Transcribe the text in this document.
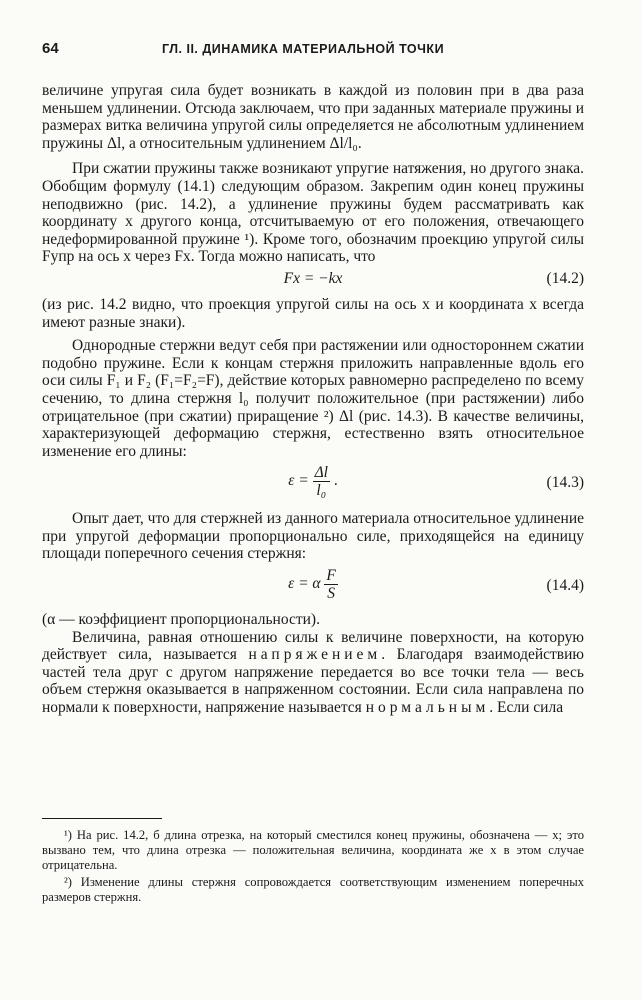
64	ГЛ. II. ДИНАМИКА МАТЕРИАЛЬНОЙ ТОЧКИ

величине упругая сила будет возникать в каждой из половин при в два раза меньшем удлинении. Отсюда заключаем, что при заданных материале пружины и размерах витка величина упругой силы определяется не абсолютным удлинением пружины Δl, а относительным удлинением Δl/l₀.

При сжатии пружины также возникают упругие натяжения, но другого знака. Обобщим формулу (14.1) следующим образом. Закрепим один конец пружины неподвижно (рис. 14.2), а удлинение пружины будем рассматривать как координату x другого конца, отсчитываемую от его положения, отвечающего недеформированной пружине ¹). Кроме того, обозначим проекцию упругой силы Fупр на ось x через Fx. Тогда можно написать, что

Fx = −kx	(14.2)

(из рис. 14.2 видно, что проекция упругой силы на ось x и координата x всегда имеют разные знаки).

Однородные стержни ведут себя при растяжении или одностороннем сжатии подобно пружине. Если к концам стержня приложить направленные вдоль его оси силы F₁ и F₂ (F₁=F₂=F), действие которых равномерно распределено по всему сечению, то длина стержня l₀ получит положительное (при растяжении) либо отрицательное (при сжатии) приращение ²) Δl (рис. 14.3). В качестве величины, характеризующей деформацию стержня, естественно взять относительное изменение его длины:

$\varepsilon = \frac{\Delta l}{\text{l₀}}$ .	(14.3)

Опыт дает, что для стержней из данного материала относительное удлинение при упругой деформации пропорционально силе, приходящейся на единицу площади поперечного сечения стержня:

ε = α $\frac{F}{S}$	(14.4)

(α — коэффициент пропорциональности).

Величина, равная отношению силы к величине поверхности, на которую действует сила, называется напряжением. Благодаря взаимодействию частей тела друг с другом напряжение передается во все точки тела — весь объем стержня оказывается в напряженном состоянии. Если сила направлена по нормали к поверхности, напряжение называется нормальным. Если сила

¹) На рис. 14.2, б длина отрезка, на который сместился конец пружины, обозначена — x; это вызвано тем, что длина отрезка — положительная величина, координата же x в этом случае отрицательна.

²) Изменение длины стержня сопровождается соответствующим изменением поперечных размеров стержня.
